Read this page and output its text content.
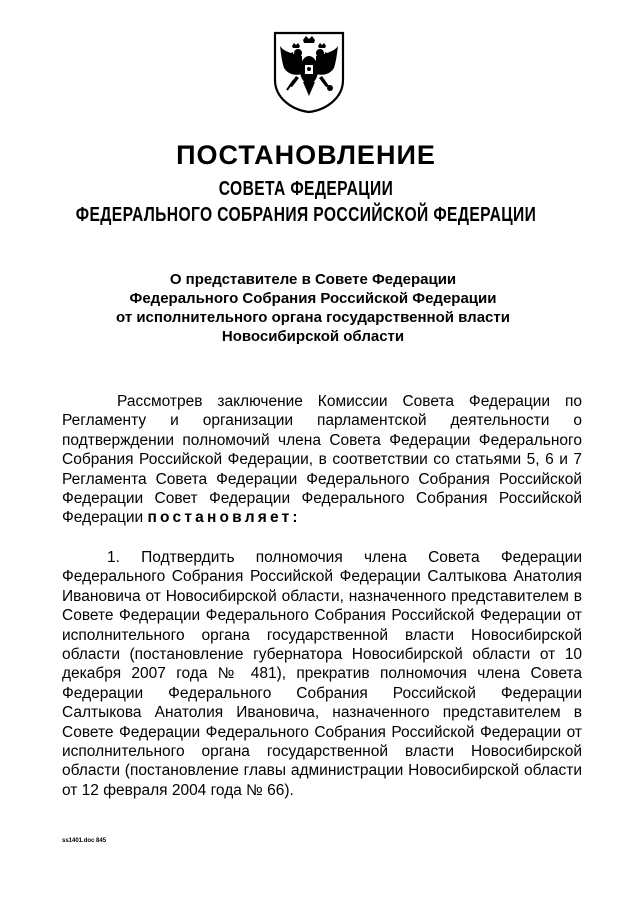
ПОСТАНОВЛЕНИЕ
СОВЕТА ФЕДЕРАЦИИ
ФЕДЕРАЛЬНОГО СОБРАНИЯ РОССИЙСКОЙ ФЕДЕРАЦИИ
О представителе в Совете Федерации
Федерального Собрания Российской Федерации
от исполнительного органа государственной власти
Новосибирской области
Рассмотрев заключение Комиссии Совета Федерации по Регламенту и организации парламентской деятельности о подтверждении полномочий члена Совета Федерации Федерального Собрания Российской Федерации, в соответствии со статьями 5, 6 и 7 Регламента Совета Федерации Федерального Собрания Российской Федерации Совет Федерации Федерального Собрания Российской Федерации постановляет:
1. Подтвердить полномочия члена Совета Федерации Федерального Собрания Российской Федерации Салтыкова Анатолия Ивановича от Новосибирской области, назначенного представителем в Совете Федерации Федерального Собрания Российской Федерации от исполнительного органа государственной власти Новосибирской области (постановление губернатора Новосибирской области от 10 декабря 2007 года № 481), прекратив полномочия члена Совета Федерации Федерального Собрания Российской Федерации Салтыкова Анатолия Ивановича, назначенного представителем в Совете Федерации Федерального Собрания Российской Федерации от исполнительного органа государственной власти Новосибирской области (постановление главы администрации Новосибирской области от 12 февраля 2004 года № 66).
ss1401.doc 845
